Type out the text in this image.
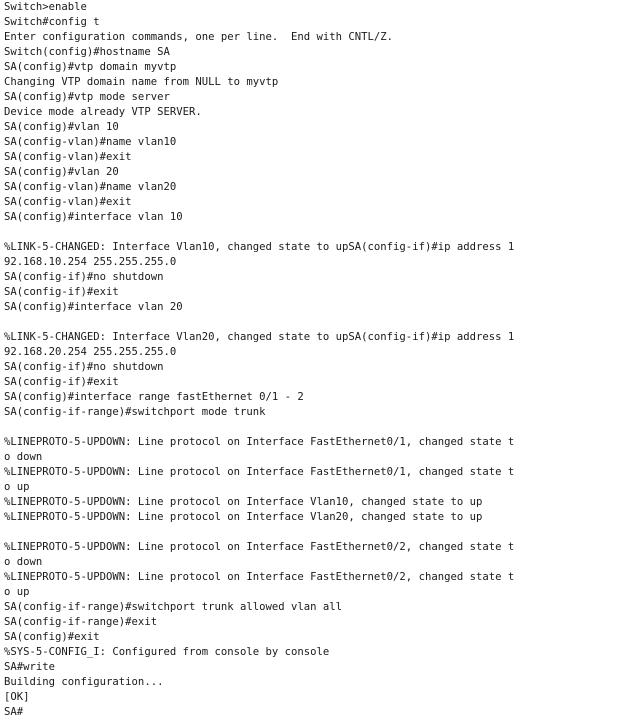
Switch>enable
Switch#config t
Enter configuration commands, one per line.  End with CNTL/Z.
Switch(config)#hostname SA
SA(config)#vtp domain myvtp
Changing VTP domain name from NULL to myvtp
SA(config)#vtp mode server
Device mode already VTP SERVER.
SA(config)#vlan 10
SA(config-vlan)#name vlan10
SA(config-vlan)#exit
SA(config)#vlan 20
SA(config-vlan)#name vlan20
SA(config-vlan)#exit
SA(config)#interface vlan 10
%LINK-5-CHANGED: Interface Vlan10, changed state to upSA(config-if)#ip address 1
92.168.10.254 255.255.255.0
SA(config-if)#no shutdown
SA(config-if)#exit
SA(config)#interface vlan 20
%LINK-5-CHANGED: Interface Vlan20, changed state to upSA(config-if)#ip address 1
92.168.20.254 255.255.255.0
SA(config-if)#no shutdown
SA(config-if)#exit
SA(config)#interface range fastEthernet 0/1 - 2
SA(config-if-range)#switchport mode trunk
%LINEPROTO-5-UPDOWN: Line protocol on Interface FastEthernet0/1, changed state t
o down
%LINEPROTO-5-UPDOWN: Line protocol on Interface FastEthernet0/1, changed state t
o up
%LINEPROTO-5-UPDOWN: Line protocol on Interface Vlan10, changed state to up
%LINEPROTO-5-UPDOWN: Line protocol on Interface Vlan20, changed state to up
%LINEPROTO-5-UPDOWN: Line protocol on Interface FastEthernet0/2, changed state t
o down
%LINEPROTO-5-UPDOWN: Line protocol on Interface FastEthernet0/2, changed state t
o up
SA(config-if-range)#switchport trunk allowed vlan all
SA(config-if-range)#exit
SA(config)#exit
%SYS-5-CONFIG_I: Configured from console by console
SA#write
Building configuration...
[OK]
SA#
